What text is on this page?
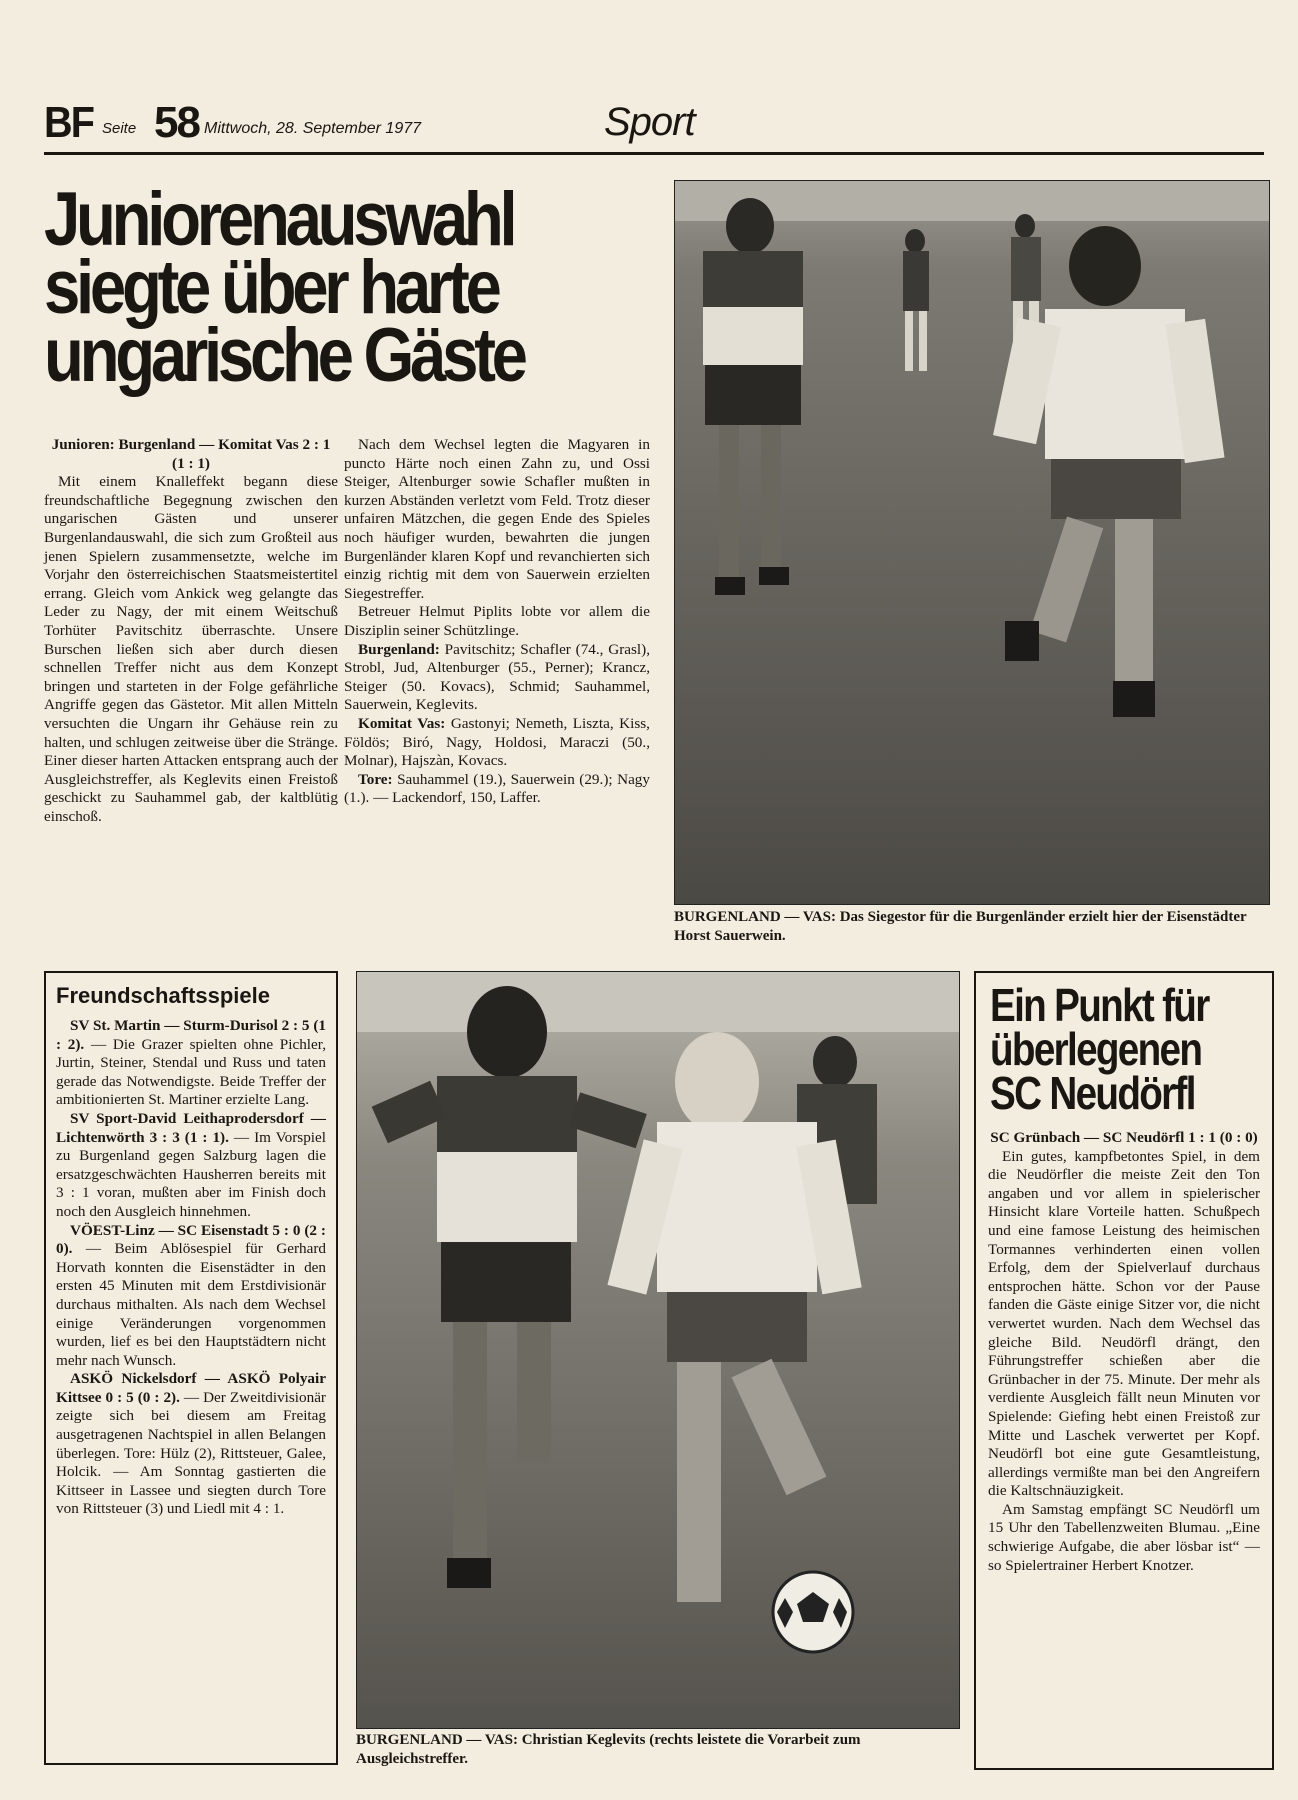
BF Seite 58 Mittwoch, 28. September 1977	Sport
Juniorenauswahl
siegte über harte
ungarische Gäste

Junioren: Burgenland — Komitat Vas 2 : 1 (1 : 1)

Mit einem Knalleffekt begann diese freundschaftliche Begegnung zwischen den ungarischen Gästen und unserer Burgenlandauswahl, die sich zum Großteil aus jenen Spielern zusammensetzte, welche im Vorjahr den österreichischen Staatsmeistertitel errang. Gleich vom Ankick weg gelangte das Leder zu Nagy, der mit einem Weitschuß Torhüter Pavitschitz überraschte. Unsere Burschen ließen sich aber durch diesen schnellen Treffer nicht aus dem Konzept bringen und starteten in der Folge gefährliche Angriffe gegen das Gästetor. Mit allen Mitteln versuchten die Ungarn ihr Gehäuse rein zu halten, und schlugen zeitweise über die Stränge. Einer dieser harten Attacken entsprang auch der Ausgleichstreffer, als Keglevits einen Freistoß geschickt zu Sauhammel gab, der kaltblütig einschoß.

Nach dem Wechsel legten die Magyaren in puncto Härte noch einen Zahn zu, und Ossi Steiger, Altenburger sowie Schafler mußten in kurzen Abständen verletzt vom Feld. Trotz dieser unfairen Mätzchen, die gegen Ende des Spieles noch häufiger wurden, bewahrten die jungen Burgenländer klaren Kopf und revanchierten sich einzig richtig mit dem von Sauerwein erzielten Siegestreffer.

Betreuer Helmut Piplits lobte vor allem die Disziplin seiner Schützlinge.

Burgenland: Pavitschitz; Schafler (74., Grasl), Strobl, Jud, Altenburger (55., Perner); Krancz, Steiger (50. Kovacs), Schmid; Sauhammel, Sauerwein, Keglevits.

Komitat Vas: Gastonyi; Nemeth, Liszta, Kiss, Földös; Biró, Nagy, Holdosi, Maraczi (50., Molnar), Hajszàn, Kovacs.

Tore: Sauhammel (19.), Sauerwein (29.); Nagy (1.). — Lackendorf, 150, Laffer.

BURGENLAND — VAS: Das Siegestor für die Burgenländer erzielt hier der Eisenstädter Horst Sauerwein.
Freundschaftsspiele

SV St. Martin — Sturm-Durisol 2 : 5 (1 : 2). — Die Grazer spielten ohne Pichler, Jurtin, Steiner, Stendal und Russ und taten gerade das Notwendigste. Beide Treffer der ambitionierten St. Martiner erzielte Lang.

SV Sport-David Leithaprodersdorf — Lichtenwörth 3 : 3 (1 : 1). — Im Vorspiel zu Burgenland gegen Salzburg lagen die ersatzgeschwächten Hausherren bereits mit 3 : 1 voran, mußten aber im Finish doch noch den Ausgleich hinnehmen.

VÖEST-Linz — SC Eisenstadt 5 : 0 (2 : 0). — Beim Ablösespiel für Gerhard Horvath konnten die Eisenstädter in den ersten 45 Minuten mit dem Erstdivisionär durchaus mithalten. Als nach dem Wechsel einige Veränderungen vorgenommen wurden, lief es bei den Hauptstädtern nicht mehr nach Wunsch.

ASKÖ Nickelsdorf — ASKÖ Polyair Kittsee 0 : 5 (0 : 2). — Der Zweitdivisionär zeigte sich bei diesem am Freitag ausgetragenen Nachtspiel in allen Belangen überlegen. Tore: Hülz (2), Rittsteuer, Galee, Holcik. — Am Sonntag gastierten die Kittseer in Lassee und siegten durch Tore von Rittsteuer (3) und Liedl mit 4 : 1.

BURGENLAND — VAS: Christian Keglevits (rechts leistete die Vorarbeit zum Ausgleichstreffer.
Ein Punkt für
überlegenen
SC Neudörfl

SC Grünbach — SC Neudörfl 1 : 1 (0 : 0)

Ein gutes, kampfbetontes Spiel, in dem die Neudörfler die meiste Zeit den Ton angaben und vor allem in spielerischer Hinsicht klare Vorteile hatten. Schußpech und eine famose Leistung des heimischen Tormannes verhinderten einen vollen Erfolg, dem der Spielverlauf durchaus entsprochen hätte. Schon vor der Pause fanden die Gäste einige Sitzer vor, die nicht verwertet wurden. Nach dem Wechsel das gleiche Bild. Neudörfl drängt, den Führungstreffer schießen aber die Grünbacher in der 75. Minute. Der mehr als verdiente Ausgleich fällt neun Minuten vor Spielende: Giefing hebt einen Freistoß zur Mitte und Laschek verwertet per Kopf. Neudörfl bot eine gute Gesamtleistung, allerdings vermißte man bei den Angreifern die Kaltschnäuzigkeit.

Am Samstag empfängt SC Neudörfl um 15 Uhr den Tabellenzweiten Blumau. „Eine schwierige Aufgabe, die aber lösbar ist“ — so Spielertrainer Herbert Knotzer.
